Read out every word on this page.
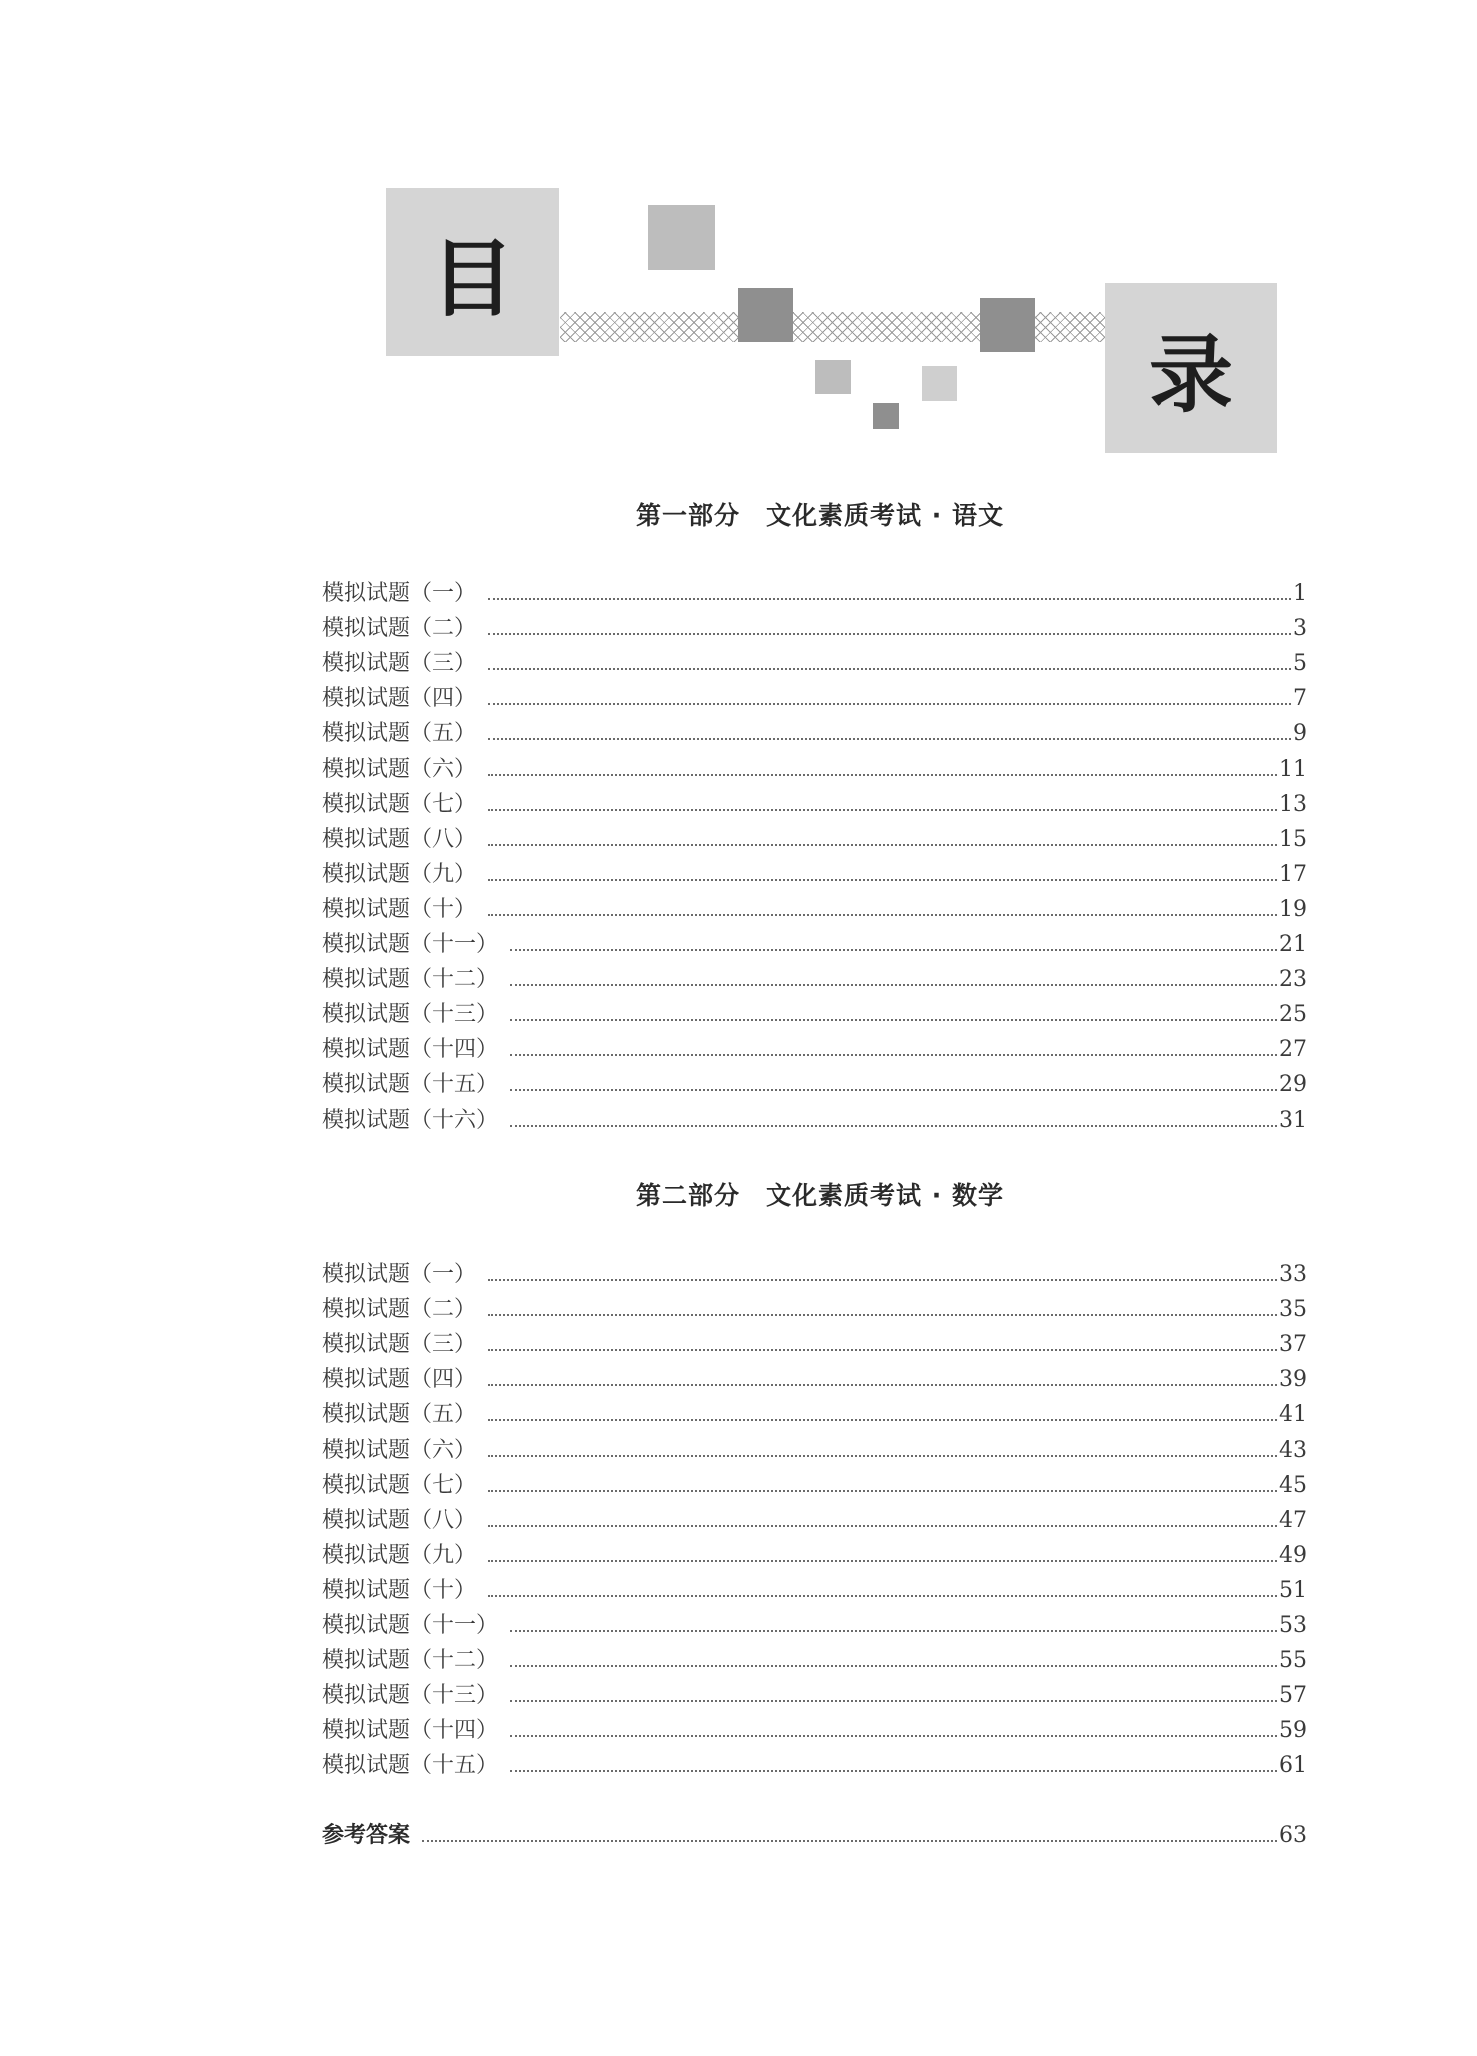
目
录
第一部分　文化素质考试 · 语文
模拟试题（一）	1
模拟试题（二）	3
模拟试题（三）	5
模拟试题（四）	7
模拟试题（五）	9
模拟试题（六）	11
模拟试题（七）	13
模拟试题（八）	15
模拟试题（九）	17
模拟试题（十）	19
模拟试题（十一）	21
模拟试题（十二）	23
模拟试题（十三）	25
模拟试题（十四）	27
模拟试题（十五）	29
模拟试题（十六）	31
第二部分　文化素质考试 · 数学
模拟试题（一）	33
模拟试题（二）	35
模拟试题（三）	37
模拟试题（四）	39
模拟试题（五）	41
模拟试题（六）	43
模拟试题（七）	45
模拟试题（八）	47
模拟试题（九）	49
模拟试题（十）	51
模拟试题（十一）	53
模拟试题（十二）	55
模拟试题（十三）	57
模拟试题（十四）	59
模拟试题（十五）	61
参考答案	63
